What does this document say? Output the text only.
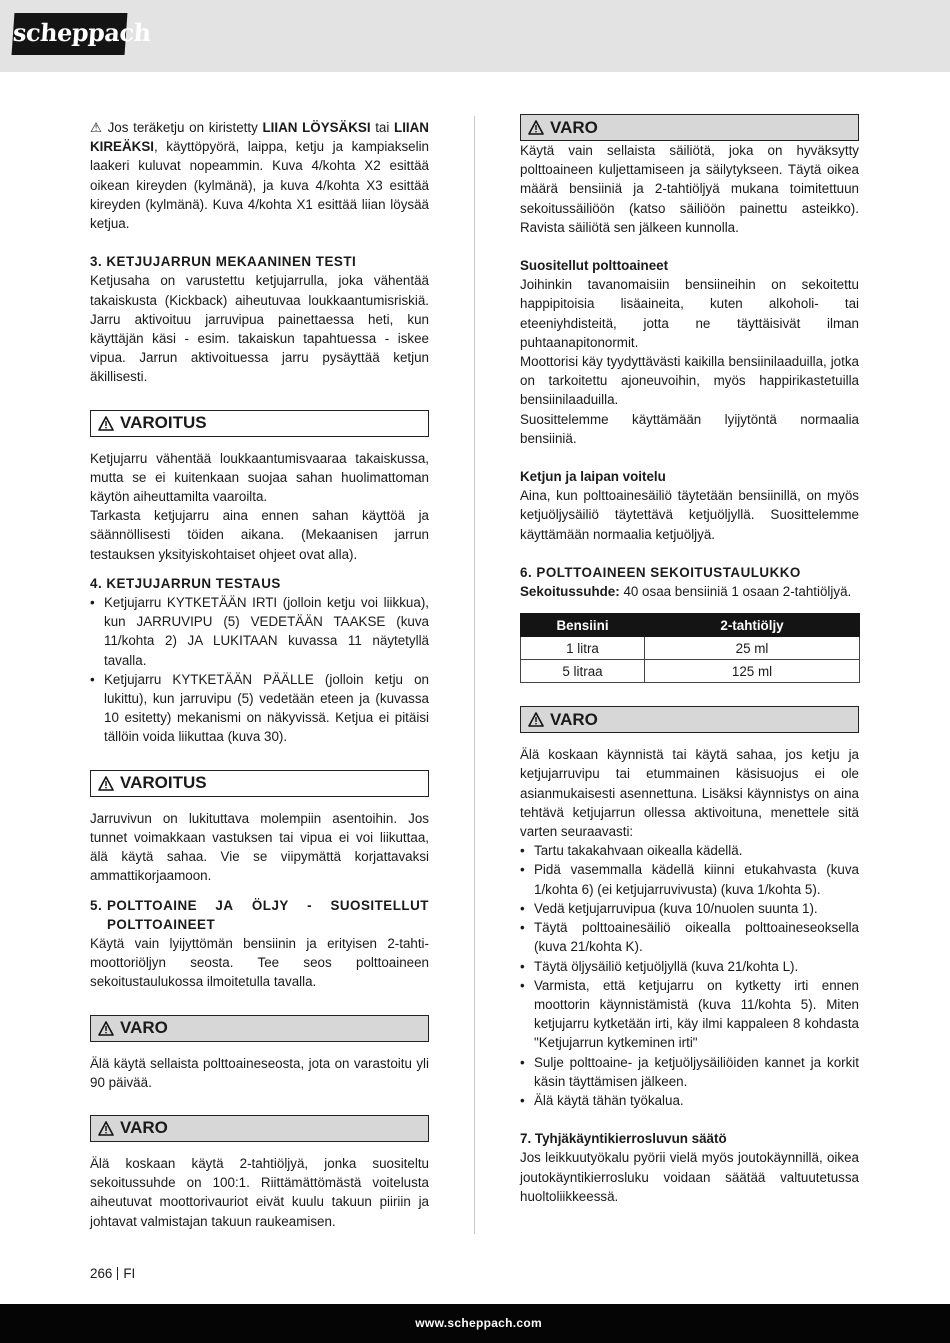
scheppach

⚠ Jos teräketju on kiristetty LIIAN LÖYSÄKSI tai LIIAN KIREÄKSI, käyttöpyörä, laippa, ketju ja kampiakselin laakeri kuluvat nopeammin. Kuva 4/kohta X2 esittää oikean kireyden (kylmänä), ja kuva 4/kohta X3 esittää kireyden (kylmänä). Kuva 4/kohta X1 esittää liian löysää ketjua.

3. KETJUJARRUN MEKAANINEN TESTI

Ketjusaha on varustettu ketjujarrulla, joka vähentää takaiskusta (Kickback) aiheutuvaa loukkaantumisriskiä. Jarru aktivoituu jarruvipua painettaessa heti, kun käyttäjän käsi - esim. takaiskun tapahtuessa - iskee vipua. Jarrun aktivoituessa jarru pysäyttää ketjun äkillisesti.

VAROITUS

Ketjujarru vähentää loukkaantumisvaaraa takaiskussa, mutta se ei kuitenkaan suojaa sahan huolimattoman käytön aiheuttamilta vaaroilta.

Tarkasta ketjujarru aina ennen sahan käyttöä ja säännöllisesti töiden aikana. (Mekaanisen jarrun testauksen yksityiskohtaiset ohjeet ovat alla).

4. KETJUJARRUN TESTAUS
• Ketjujarru KYTKETÄÄN IRTI (jolloin ketju voi liikkua), kun JARRUVIPU (5) VEDETÄÄN TAAKSE (kuva 11/kohta 2) JA LUKITAAN kuvassa 11 näytetyllä tavalla.
• Ketjujarru KYTKETÄÄN PÄÄLLE (jolloin ketju on lukittu), kun jarruvipu (5) vedetään eteen ja (kuvassa 10 esitetty) mekanismi on näkyvissä. Ketjua ei pitäisi tällöin voida liikuttaa (kuva 30).
VAROITUS

Jarruvivun on lukituttava molempiin asentoihin. Jos tunnet voimakkaan vastuksen tai vipua ei voi liikuttaa, älä käytä sahaa. Vie se viipymättä korjattavaksi ammattikorjaamoon.

5. POLTTOAINE JA ÖLJY - SUOSITELLUT
POLTTOAINEET

Käytä vain lyijyttömän bensiinin ja erityisen 2-tahti-moottoriöljyn seosta. Tee seos polttoaineen sekoitustaulukossa ilmoitetulla tavalla.

VARO

Älä käytä sellaista polttoaineseosta, jota on varastoitu yli 90 päivää.

VARO

Älä koskaan käytä 2-tahtiöljyä, jonka suositeltu sekoitussuhde on 100:1. Riittämättömästä voitelusta aiheutuvat moottorivauriot eivät kuulu takuun piiriin ja johtavat valmistajan takuun raukeamisen.

VARO

Käytä vain sellaista säiliötä, joka on hyväksytty polttoaineen kuljettamiseen ja säilytykseen. Täytä oikea määrä bensiiniä ja 2-tahtiöljyä mukana toimitettuun sekoitussäiliöön (katso säiliöön painettu asteikko). Ravista säiliötä sen jälkeen kunnolla.

Suositellut polttoaineet

Joihinkin tavanomaisiin bensiineihin on sekoitettu happipitoisia lisäaineita, kuten alkoholi- tai eteeniyhdisteitä, jotta ne täyttäisivät ilman puhtaanapitonormit.

Moottorisi käy tyydyttävästi kaikilla bensiinilaaduilla, jotka on tarkoitettu ajoneuvoihin, myös happirikastetuilla bensiinilaaduilla.

Suosittelemme käyttämään lyijytöntä normaalia bensiiniä.

Ketjun ja laipan voitelu

Aina, kun polttoainesäiliö täytetään bensiinillä, on myös ketjuöljysäiliö täytettävä ketjuöljyllä. Suosittelemme käyttämään normaalia ketjuöljyä.

6. POLTTOAINEEN SEKOITUSTAULUKKO

Sekoitussuhde: 40 osaa bensiiniä 1 osaan 2-tahtiöljyä.

Bensiini	2-tahtiöljy
1 litra	25 ml
5 litraa	125 ml
VARO

Älä koskaan käynnistä tai käytä sahaa, jos ketju ja ketjujarruvipu tai etummainen käsisuojus ei ole asianmukaisesti asennettuna. Lisäksi käynnistys on aina tehtävä ketjujarrun ollessa aktivoituna, menettele sitä varten seuraavasti:

• Tartu takakahvaan oikealla kädellä.
• Pidä vasemmalla kädellä kiinni etukahvasta (kuva 1/kohta 6) (ei ketjujarruvivusta) (kuva 1/kohta 5).
• Vedä ketjujarruvipua (kuva 10/nuolen suunta 1).
• Täytä polttoainesäiliö oikealla polttoaineseoksella (kuva 21/kohta K).
• Täytä öljysäiliö ketjuöljyllä (kuva 21/kohta L).
• Varmista, että ketjujarru on kytketty irti ennen moottorin käynnistämistä (kuva 11/kohta 5). Miten ketjujarru kytketään irti, käy ilmi kappaleen 8 kohdasta "Ketjujarrun kytkeminen irti"
• Sulje polttoaine- ja ketjuöljysäiliöiden kannet ja korkit käsin täyttämisen jälkeen.
• Älä käytä tähän työkalua.
7. Tyhjäkäyntikierrosluvun säätö

Jos leikkuutyökalu pyörii vielä myös joutokäynnillä, oikea joutokäyntikierrosluku voidaan säätää valtuutetussa huoltoliikkeessä.

266 FI
www.scheppach.com
